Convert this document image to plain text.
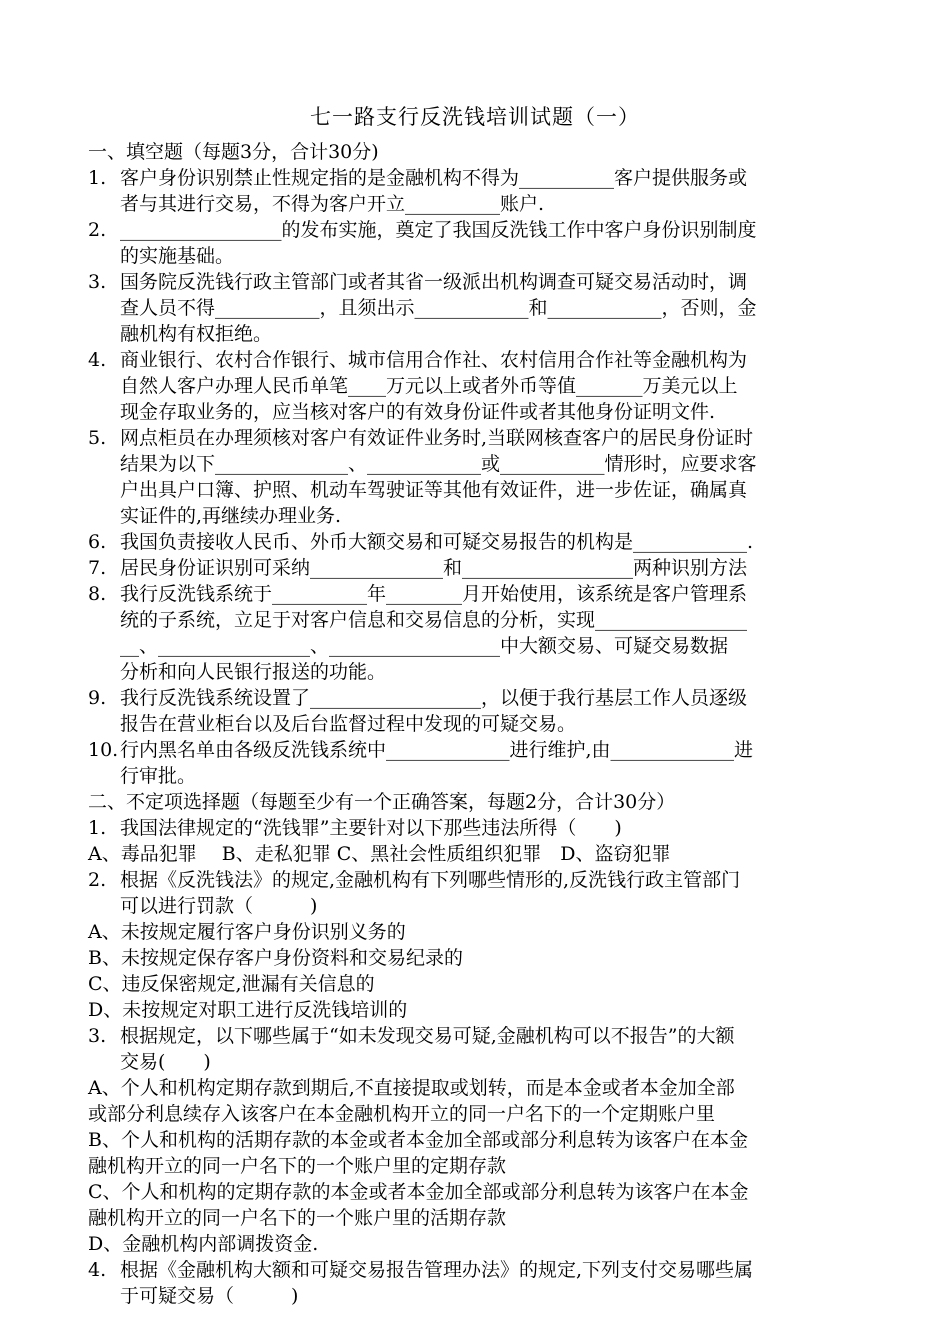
七一路支行反洗钱培训试题（一）
一、填空题（每题3分，合计30分)
1. 客户身份识别禁止性规定指的是金融机构不得为__________客户提供服务或
者与其进行交易，不得为客户开立__________账户.
2. _________________的发布实施，奠定了我国反洗钱工作中客户身份识别制度
的实施基础。
3. 国务院反洗钱行政主管部门或者其省一级派出机构调查可疑交易活动时，调
查人员不得___________，且须出示____________和____________，否则，金
融机构有权拒绝。
4. 商业银行、农村合作银行、城市信用合作社、农村信用合作社等金融机构为
自然人客户办理人民币单笔____万元以上或者外币等值_______万美元以上
现金存取业务的，应当核对客户的有效身份证件或者其他身份证明文件.
5. 网点柜员在办理须核对客户有效证件业务时,当联网核查客户的居民身份证时
结果为以下______________、____________或___________情形时，应要求客
户出具户口簿、护照、机动车驾驶证等其他有效证件，进一步佐证，确属真
实证件的,再继续办理业务.
6. 我国负责接收人民币、外币大额交易和可疑交易报告的机构是____________.
7. 居民身份证识别可采纳______________和__________________两种识别方法
8. 我行反洗钱系统于__________年________月开始使用，该系统是客户管理系
统的子系统，立足于对客户信息和交易信息的分析，实现________________
__、________________、__________________中大额交易、可疑交易数据
分析和向人民银行报送的功能。
9. 我行反洗钱系统设置了__________________，以便于我行基层工作人员逐级
报告在营业柜台以及后台监督过程中发现的可疑交易。
10. 行内黑名单由各级反洗钱系统中_____________进行维护,由_____________进
行审批。
二、不定项选择题（每题至少有一个正确答案，每题2分，合计30分）
1. 我国法律规定的“洗钱罪”主要针对以下那些违法所得（　　)
A、毒品犯罪　 B、走私犯罪 C、黑社会性质组织犯罪　D、盗窃犯罪
2. 根据《反洗钱法》的规定,金融机构有下列哪些情形的,反洗钱行政主管部门
可以进行罚款（　　　)
A、未按规定履行客户身份识别义务的
B、未按规定保存客户身份资料和交易纪录的
C、违反保密规定,泄漏有关信息的
D、未按规定对职工进行反洗钱培训的
3. 根据规定，以下哪些属于“如未发现交易可疑,金融机构可以不报告”的大额
交易(　　)
A、个人和机构定期存款到期后,不直接提取或划转，而是本金或者本金加全部
或部分利息续存入该客户在本金融机构开立的同一户名下的一个定期账户里
B、个人和机构的活期存款的本金或者本金加全部或部分利息转为该客户在本金
融机构开立的同一户名下的一个账户里的定期存款
C、个人和机构的定期存款的本金或者本金加全部或部分利息转为该客户在本金
融机构开立的同一户名下的一个账户里的活期存款
D、金融机构内部调拨资金.
4. 根据《金融机构大额和可疑交易报告管理办法》的规定,下列支付交易哪些属
于可疑交易（　　　)
